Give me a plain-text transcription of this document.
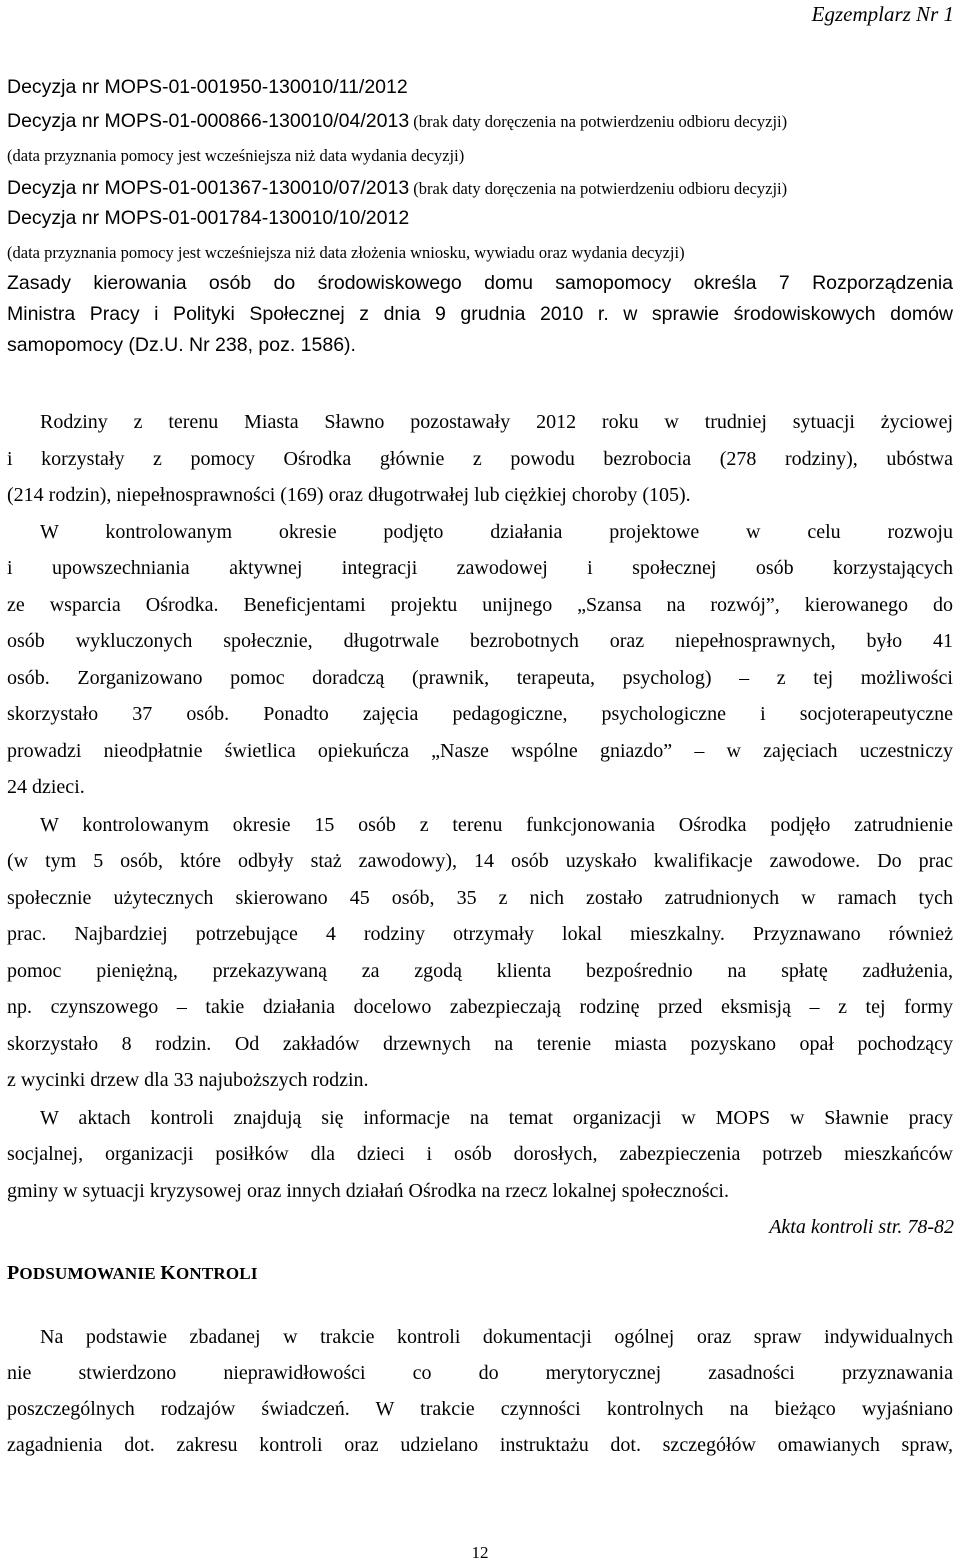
Egzemplarz Nr 1
Decyzja nr MOPS-01-001950-130010/11/2012
Decyzja nr MOPS-01-000866-130010/04/2013 (brak daty doręczenia na potwierdzeniu odbioru decyzji)
(data przyznania pomocy jest wcześniejsza niż data wydania decyzji)
Decyzja nr MOPS-01-001367-130010/07/2013 (brak daty doręczenia na potwierdzeniu odbioru decyzji)
Decyzja nr MOPS-01-001784-130010/10/2012
(data przyznania pomocy jest wcześniejsza niż data złożenia wniosku, wywiadu oraz wydania decyzji)
Zasady kierowania osób do środowiskowego domu samopomocy określa 7 Rozporządzenia
Ministra Pracy i Polityki Społecznej z dnia 9 grudnia 2010 r. w sprawie środowiskowych domów
samopomocy (Dz.U. Nr 238, poz. 1586).
Rodziny z terenu Miasta Sławno pozostawały 2012 roku w trudniej sytuacji życiowej
i korzystały z pomocy Ośrodka głównie z powodu bezrobocia (278 rodziny), ubóstwa
(214 rodzin), niepełnosprawności (169) oraz długotrwałej lub ciężkiej choroby (105).
W kontrolowanym okresie podjęto działania projektowe w celu rozwoju
i upowszechniania aktywnej integracji zawodowej i społecznej osób korzystających
ze wsparcia Ośrodka. Beneficjentami projektu unijnego „Szansa na rozwój”, kierowanego do
osób wykluczonych społecznie, długotrwale bezrobotnych oraz niepełnosprawnych, było 41
osób. Zorganizowano pomoc doradczą (prawnik, terapeuta, psycholog) – z tej możliwości
skorzystało 37 osób. Ponadto zajęcia pedagogiczne, psychologiczne i socjoterapeutyczne
prowadzi nieodpłatnie świetlica opiekuńcza „Nasze wspólne gniazdo” – w zajęciach uczestniczy
24 dzieci.
W kontrolowanym okresie 15 osób z terenu funkcjonowania Ośrodka podjęło zatrudnienie
(w tym 5 osób, które odbyły staż zawodowy), 14 osób uzyskało kwalifikacje zawodowe. Do prac
społecznie użytecznych skierowano 45 osób, 35 z nich zostało zatrudnionych w ramach tych
prac. Najbardziej potrzebujące 4 rodziny otrzymały lokal mieszkalny. Przyznawano również
pomoc pieniężną, przekazywaną za zgodą klienta bezpośrednio na spłatę zadłużenia,
np. czynszowego – takie działania docelowo zabezpieczają rodzinę przed eksmisją – z tej formy
skorzystało 8 rodzin. Od zakładów drzewnych na terenie miasta pozyskano opał pochodzący
z wycinki drzew dla 33 najuboższych rodzin.
W aktach kontroli znajdują się informacje na temat organizacji w MOPS w Sławnie pracy
socjalnej, organizacji posiłków dla dzieci i osób dorosłych, zabezpieczenia potrzeb mieszkańców
gminy w sytuacji kryzysowej oraz innych działań Ośrodka na rzecz lokalnej społeczności.
Akta kontroli str. 78-82
PODSUMOWANIE KONTROLI
Na podstawie zbadanej w trakcie kontroli dokumentacji ogólnej oraz spraw indywidualnych
nie stwierdzono nieprawidłowości co do merytorycznej zasadności przyznawania
poszczególnych rodzajów świadczeń. W trakcie czynności kontrolnych na bieżąco wyjaśniano
zagadnienia dot. zakresu kontroli oraz udzielano instruktażu dot. szczegółów omawianych spraw,
12
